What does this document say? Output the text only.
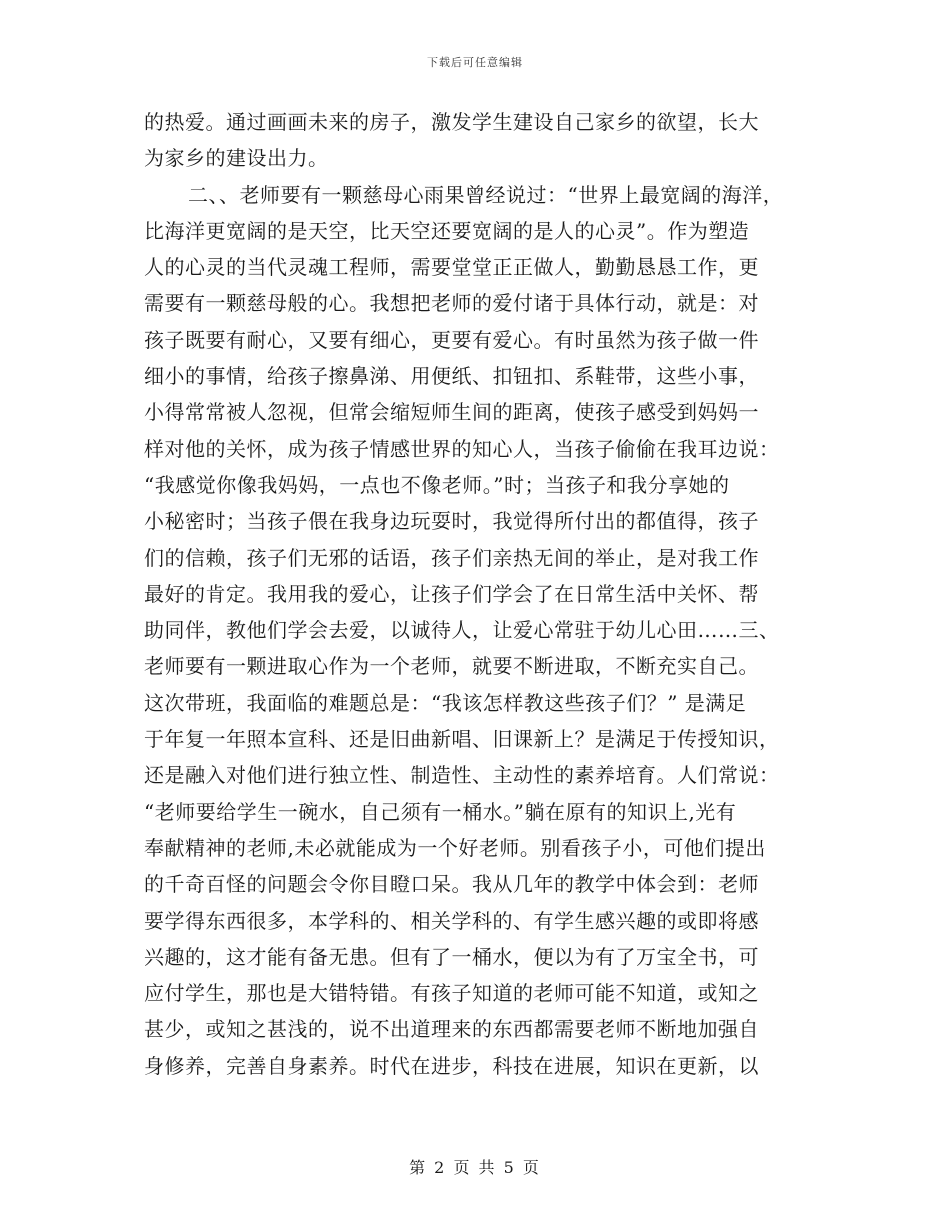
下载后可任意编辑
的热爱。通过画画未来的房子，激发学生建设自己家乡的欲望，长大
为家乡的建设出力。
二、、老师要有一颗慈母心雨果曾经说过：“世界上最宽阔的海洋，
比海洋更宽阔的是天空，比天空还要宽阔的是人的心灵”。作为塑造
人的心灵的当代灵魂工程师，需要堂堂正正做人，勤勤恳恳工作，更
需要有一颗慈母般的心。我想把老师的爱付诸于具体行动，就是：对
孩子既要有耐心，又要有细心，更要有爱心。有时虽然为孩子做一件
细小的事情，给孩子擦鼻涕、用便纸、扣钮扣、系鞋带，这些小事，
小得常常被人忽视，但常会缩短师生间的距离，使孩子感受到妈妈一
样对他的关怀，成为孩子情感世界的知心人，当孩子偷偷在我耳边说：
“我感觉你像我妈妈，一点也不像老师。”时；当孩子和我分享她的
小秘密时；当孩子偎在我身边玩耍时，我觉得所付出的都值得，孩子
们的信赖，孩子们无邪的话语，孩子们亲热无间的举止，是对我工作
最好的肯定。我用我的爱心，让孩子们学会了在日常生活中关怀、帮
助同伴，教他们学会去爱，以诚待人，让爱心常驻于幼儿心田……三、
老师要有一颗进取心作为一个老师，就要不断进取，不断充实自己。
这次带班，我面临的难题总是：“我该怎样教这些孩子们？” 是满足
于年复一年照本宣科、还是旧曲新唱、旧课新上？是满足于传授知识，
还是融入对他们进行独立性、制造性、主动性的素养培育。人们常说：
“老师要给学生一碗水，自己须有一桶水。”躺在原有的知识上,光有
奉献精神的老师,未必就能成为一个好老师。别看孩子小，可他们提出
的千奇百怪的问题会令你目瞪口呆。我从几年的教学中体会到：老师
要学得东西很多，本学科的、相关学科的、有学生感兴趣的或即将感
兴趣的，这才能有备无患。但有了一桶水，便以为有了万宝全书，可
应付学生，那也是大错特错。有孩子知道的老师可能不知道，或知之
甚少，或知之甚浅的，说不出道理来的东西都需要老师不断地加强自
身修养，完善自身素养。时代在进步，科技在进展，知识在更新，以
第 2 页 共 5 页
